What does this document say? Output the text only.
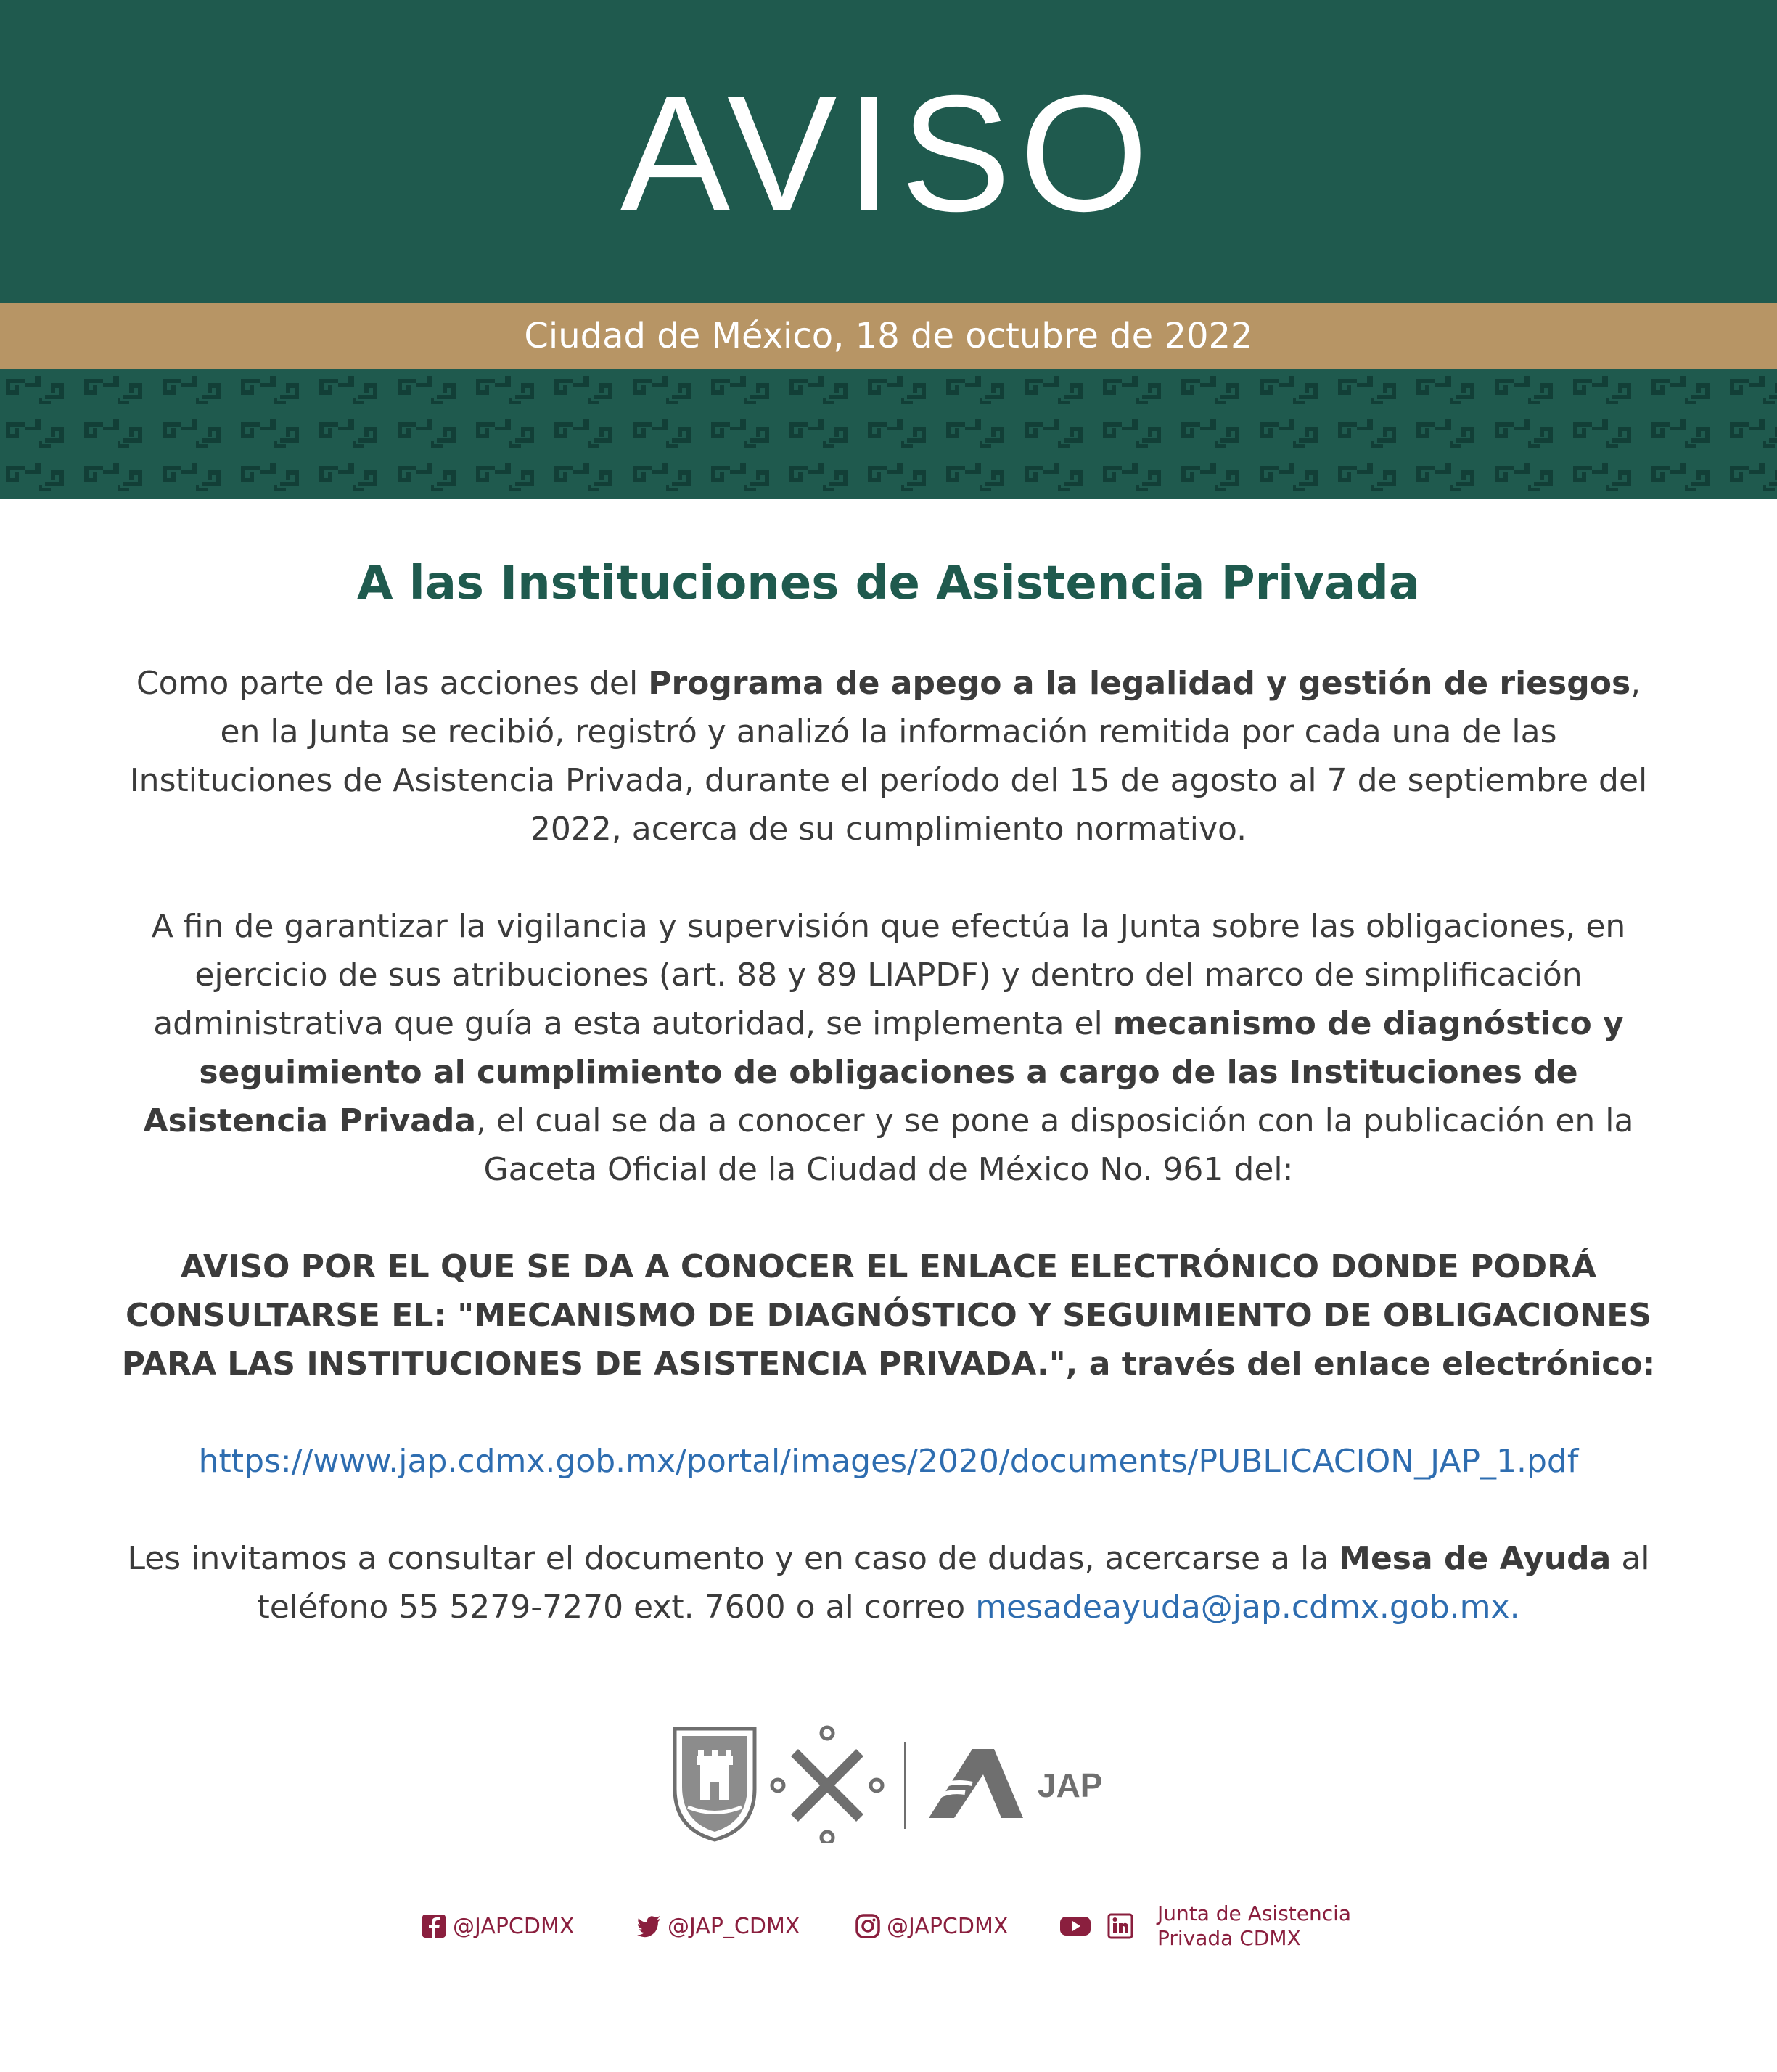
AVISO
Ciudad de México, 18 de octubre de 2022
A las Instituciones de Asistencia Privada

Como parte de las acciones del Programa de apego a la legalidad y gestión de riesgos, en la Junta se recibió, registró y analizó la información remitida por cada una de las Instituciones de Asistencia Privada, durante el período del 15 de agosto al 7 de septiembre del 2022, acerca de su cumplimiento normativo.

A fin de garantizar la vigilancia y supervisión que efectúa la Junta sobre las obligaciones, en ejercicio de sus atribuciones (art. 88 y 89 LIAPDF) y dentro del marco de simplificación administrativa que guía a esta autoridad, se implementa el mecanismo de diagnóstico y seguimiento al cumplimiento de obligaciones a cargo de las Instituciones de Asistencia Privada, el cual se da a conocer y se pone a disposición con la publicación en la Gaceta Oficial de la Ciudad de México No. 961 del:

AVISO POR EL QUE SE DA A CONOCER EL ENLACE ELECTRÓNICO DONDE PODRÁ CONSULTARSE EL: "MECANISMO DE DIAGNÓSTICO Y SEGUIMIENTO DE OBLIGACIONES PARA LAS INSTITUCIONES DE ASISTENCIA PRIVADA.", a través del enlace electrónico:

https://www.jap.cdmx.gob.mx/portal/images/2020/documents/PUBLICACION_JAP_1.pdf

Les invitamos a consultar el documento y en caso de dudas, acercarse a la Mesa de Ayuda al teléfono 55 5279-7270 ext. 7600 o al correo mesadeayuda@jap.cdmx.gob.mx.

JAP
@JAPCDMX	@JAP_CDMX	@JAPCDMX	Junta de Asistencia
Privada CDMX
